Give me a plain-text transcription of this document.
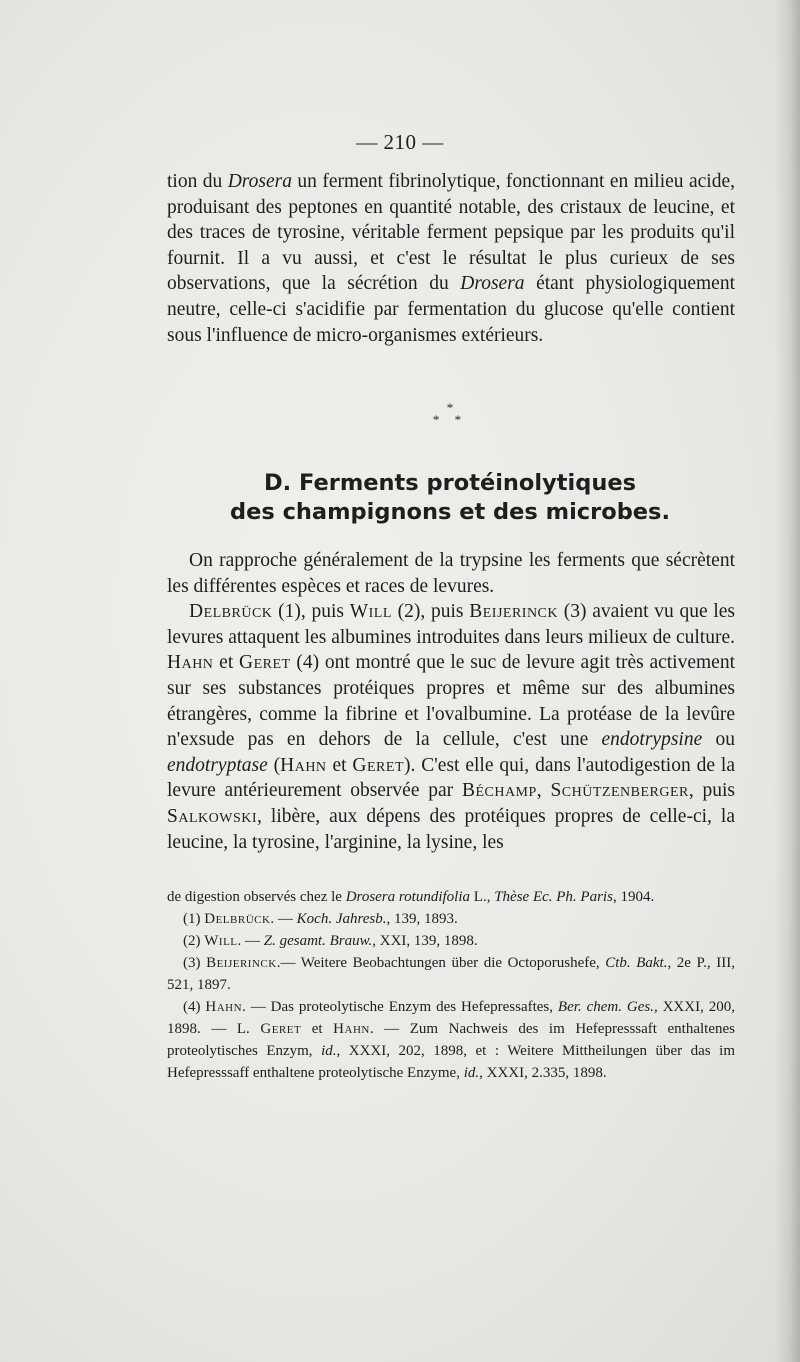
— 210 —

tion du Drosera un ferment fibrinolytique, fonctionnant en milieu acide, produisant des peptones en quantité notable, des cristaux de leucine, et des traces de tyrosine, véritable ferment pepsique par les produits qu'il fournit. Il a vu aussi, et c'est le résultat le plus curieux de ses observations, que la sécrétion du Drosera étant physiologiquement neutre, celle-ci s'acidifie par fermentation du glucose qu'elle contient sous l'influence de micro-organismes extérieurs.

*
* *
D. Ferments protéinolytiques
des champignons et des microbes.

On rapproche généralement de la trypsine les ferments que sécrètent les différentes espèces et races de levures.

Delbrück (1), puis Will (2), puis Beijerinck (3) avaient vu que les levures attaquent les albumines introduites dans leurs milieux de culture. Hahn et Geret (4) ont montré que le suc de levure agit très activement sur ses substances protéiques propres et même sur des albumines étrangères, comme la fibrine et l'ovalbumine. La protéase de la levûre n'exsude pas en dehors de la cellule, c'est une endotrypsine ou endotryptase (Hahn et Geret). C'est elle qui, dans l'autodigestion de la levure antérieurement observée par Béchamp, Schützenberger, puis Salkowski, libère, aux dépens des protéiques propres de celle-ci, la leucine, la tyrosine, l'arginine, la lysine, les

de digestion observés chez le Drosera rotundifolia L., Thèse Ec. Ph. Paris, 1904.

(1) Delbrück. — Koch. Jahresb., 139, 1893.

(2) Will. — Z. gesamt. Brauw., XXI, 139, 1898.

(3) Beijerinck.— Weitere Beobachtungen über die Octoporushefe, Ctb. Bakt., 2e P., III, 521, 1897.

(4) Hahn. — Das proteolytische Enzym des Hefepressaftes, Ber. chem. Ges., XXXI, 200, 1898. — L. Geret et Hahn. — Zum Nachweis des im Hefepresssaft enthaltenes proteolytisches Enzym, id., XXXI, 202, 1898, et : Weitere Mittheilungen über das im Hefepresssaff enthaltene proteolytische Enzyme, id., XXXI, 2.335, 1898.
